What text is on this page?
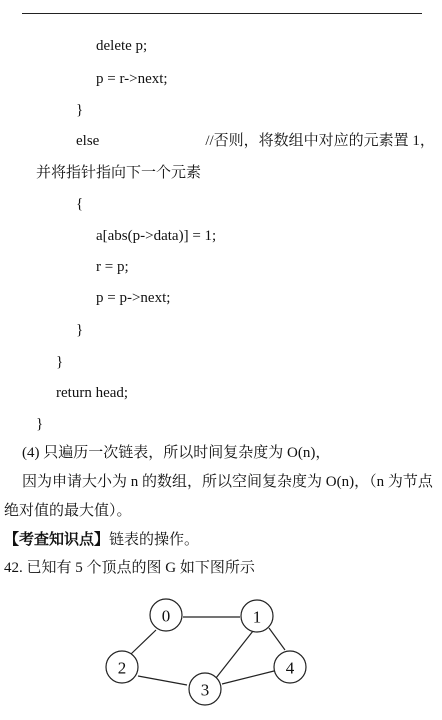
delete p;
p = r->next;
}
else	//否则，将数组中对应的元素置 1，
并将指针指向下一个元素
{
a[abs(p->data)] = 1;
r = p;
p = p->next;
}
}
return head;
}
(4) 只遍历一次链表，所以时间复杂度为 O(n)，
因为申请大小为 n 的数组，所以空间复杂度为 O(n)，（n 为节点
绝对值的最大值）。
【考查知识点】链表的操作。
42. 已知有 5 个顶点的图 G 如下图所示
0	1
2
3
4
